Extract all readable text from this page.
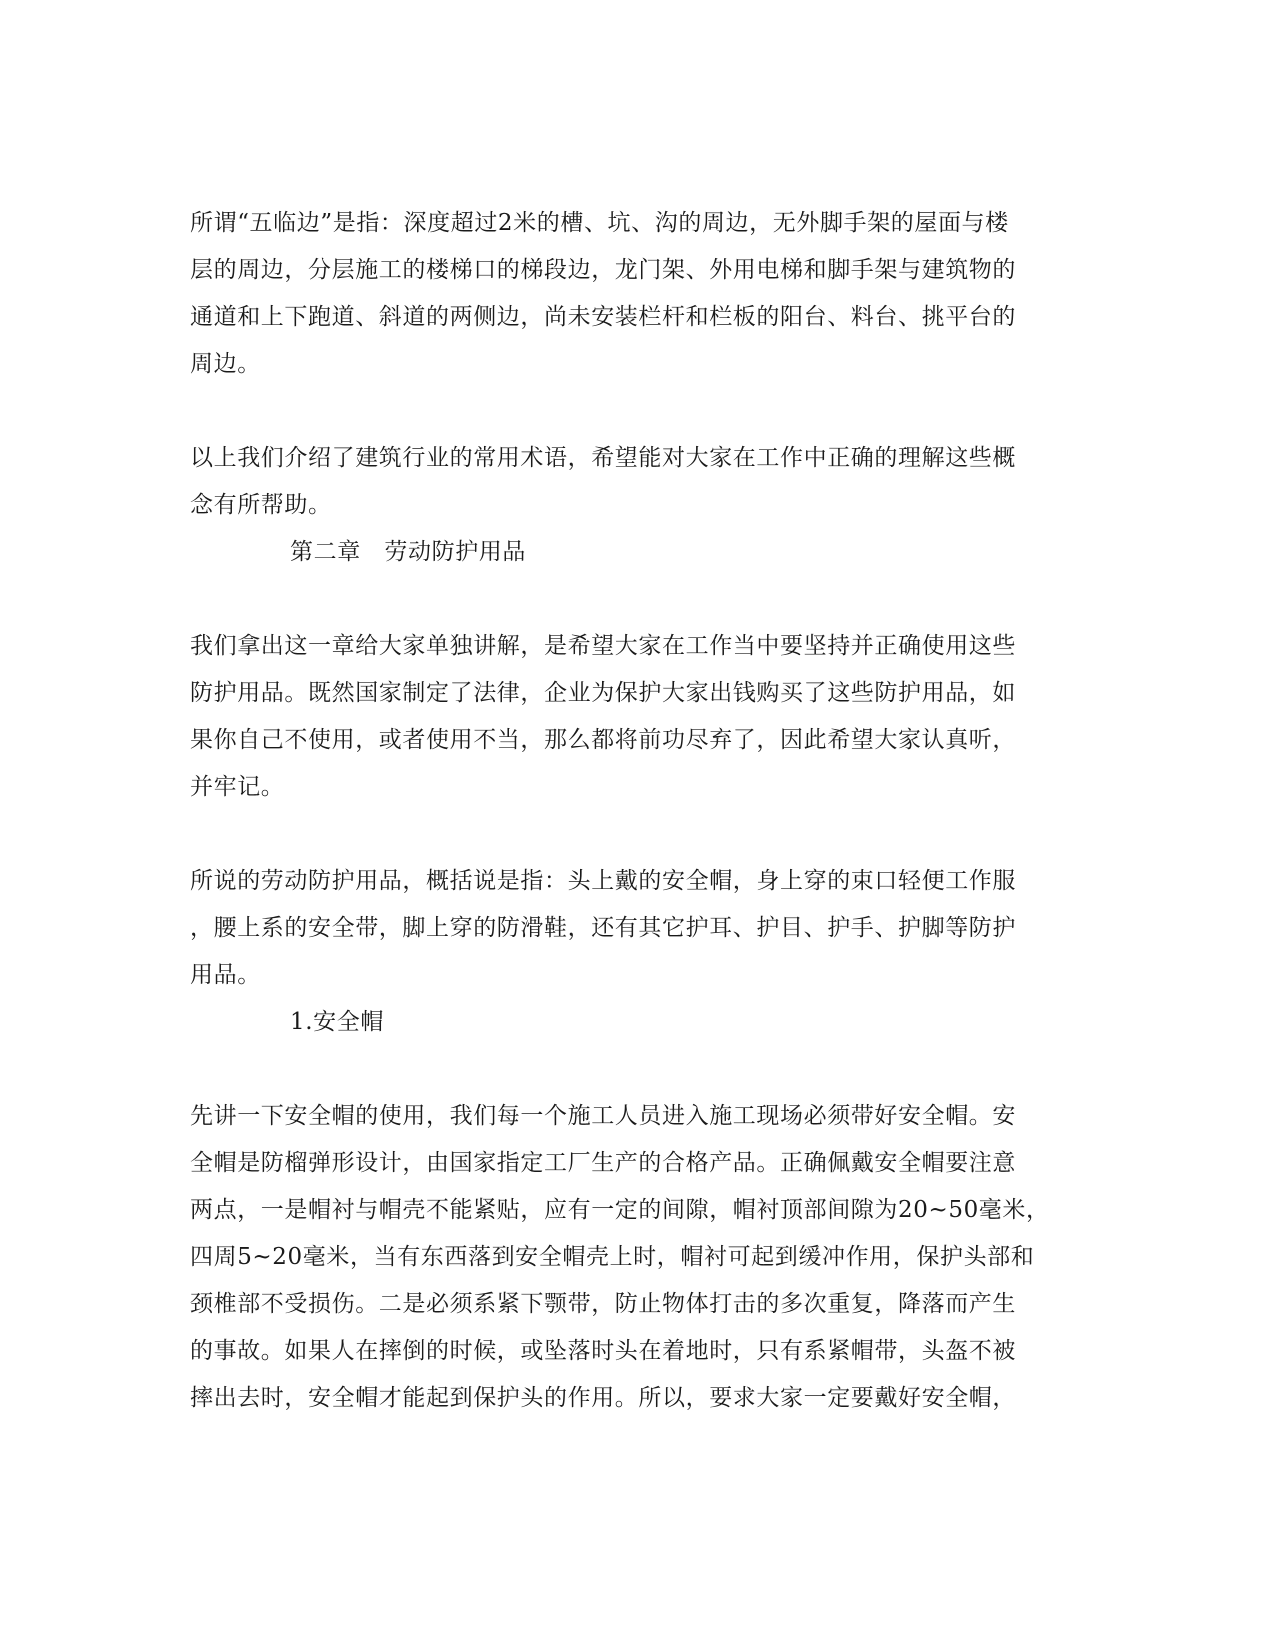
所谓“五临边”是指：深度超过2米的槽、坑、沟的周边，无外脚手架的屋面与楼
层的周边，分层施工的楼梯口的梯段边，龙门架、外用电梯和脚手架与建筑物的
通道和上下跑道、斜道的两侧边，尚未安装栏杆和栏板的阳台、料台、挑平台的
周边。
以上我们介绍了建筑行业的常用术语，希望能对大家在工作中正确的理解这些概
念有所帮助。
第二章　劳动防护用品
我们拿出这一章给大家单独讲解，是希望大家在工作当中要坚持并正确使用这些
防护用品。既然国家制定了法律，企业为保护大家出钱购买了这些防护用品，如
果你自己不使用，或者使用不当，那么都将前功尽弃了，因此希望大家认真听，
并牢记。
所说的劳动防护用品，概括说是指：头上戴的安全帽，身上穿的束口轻便工作服
，腰上系的安全带，脚上穿的防滑鞋，还有其它护耳、护目、护手、护脚等防护
用品。
1.安全帽
先讲一下安全帽的使用，我们每一个施工人员进入施工现场必须带好安全帽。安
全帽是防榴弹形设计，由国家指定工厂生产的合格产品。正确佩戴安全帽要注意
两点，一是帽衬与帽壳不能紧贴，应有一定的间隙，帽衬顶部间隙为20~50毫米，
四周5~20毫米，当有东西落到安全帽壳上时，帽衬可起到缓冲作用，保护头部和
颈椎部不受损伤。二是必须系紧下颚带，防止物体打击的多次重复，降落而产生
的事故。如果人在摔倒的时候，或坠落时头在着地时，只有系紧帽带，头盔不被
摔出去时，安全帽才能起到保护头的作用。所以，要求大家一定要戴好安全帽，
